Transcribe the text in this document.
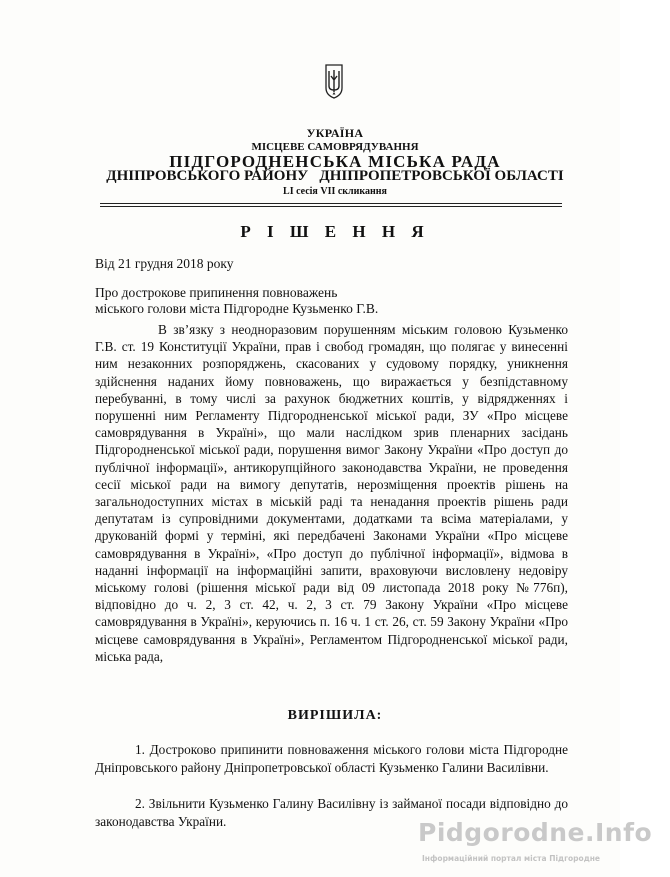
УКРАЇНА
МІСЦЕВЕ САМОВРЯДУВАННЯ
ПІДГОРОДНЕНСЬКА МІСЬКА РАДА
ДНІПРОВСЬКОГО РАЙОНУ   ДНІПРОПЕТРОВСЬКОЇ ОБЛАСТІ
LI сесія VII скликання
Р І Ш Е Н Н Я
Від 21 грудня 2018 року
Про дострокове припинення повноважень
міського голови міста Підгородне Кузьменко Г.В.
В зв’язку з неодноразовим порушенням міським головою Кузьменко Г.В. ст. 19 Конституції України, прав і свобод громадян, що полягає у винесенні ним незаконних розпоряджень, скасованих у судовому порядку, уникнення здійснення наданих йому повноважень, що виражається у безпідставному перебуванні, в тому числі за рахунок бюджетних коштів, у відрядженнях і порушенні ним Регламенту Підгородненської міської ради, ЗУ «Про місцеве самоврядування в Україні», що мали наслідком зрив пленарних засідань Підгородненської міської ради, порушення вимог Закону України «Про доступ до публічної інформації», антикорупційного законодавства України, не проведення сесії міської ради на вимогу депутатів, нерозміщення проектів рішень на загальнодоступних містах в міській раді та ненадання проектів рішень ради депутатам із супровідними документами, додатками та всіма матеріалами, у друкованій формі у терміні, які передбачені Законами України «Про місцеве самоврядування в Україні», «Про доступ до публічної інформації», відмова в наданні інформації на інформаційні запити, враховуючи висловлену недовіру міському голові (рішення міської ради від 09 листопада 2018 року №776п), відповідно до ч. 2, 3 ст. 42, ч. 2, 3 ст. 79 Закону України «Про місцеве самоврядування в Україні», керуючись п. 16 ч. 1 ст. 26, ст. 59 Закону України «Про місцеве самоврядування в Україні», Регламентом Підгородненської міської ради, міська рада,
ВИРІШИЛА:
1. Достроково припинити повноваження міського голови міста Підгородне Дніпровського району Дніпропетровської області Кузьменко Галини Василівни.
2. Звільнити Кузьменко Галину Василівну із займаної посади відповідно до законодавства України.	Pidgorodne.Info
Інформаційний портал міста Підгородне
